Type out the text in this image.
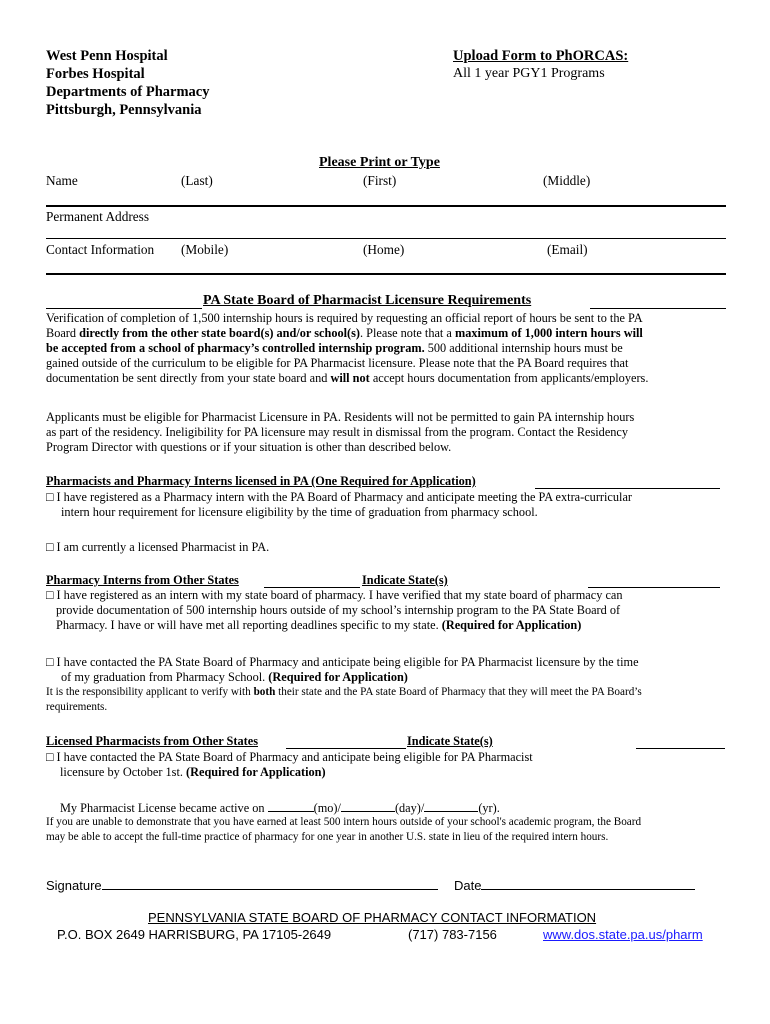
West Penn Hospital
Forbes Hospital
Departments of Pharmacy
Pittsburgh, Pennsylvania
Upload Form to PhORCAS:
All 1 year PGY1 Programs
Please Print or Type
Name	(Last)	(First)	(Middle)
Permanent Address
Contact Information (Mobile)	(Home)	(Email)
PA State Board of Pharmacist Licensure Requirements
Verification of completion of 1,500 internship hours is required by requesting an official report of hours be sent to the PA
Board directly from the other state board(s) and/or school(s). Please note that a maximum of 1,000 intern hours will
be accepted from a school of pharmacy’s controlled internship program. 500 additional internship hours must be
gained outside of the curriculum to be eligible for PA Pharmacist licensure. Please note that the PA Board requires that
documentation be sent directly from your state board and will not accept hours documentation from applicants/employers.
Applicants must be eligible for Pharmacist Licensure in PA. Residents will not be permitted to gain PA internship hours
as part of the residency. Ineligibility for PA licensure may result in dismissal from the program. Contact the Residency
Program Director with questions or if your situation is other than described below.
Pharmacists and Pharmacy Interns licensed in PA (One Required for Application)
□ I have registered as a Pharmacy intern with the PA Board of Pharmacy and anticipate meeting the PA extra-curricular
intern hour requirement for licensure eligibility by the time of graduation from pharmacy school.
□ I am currently a licensed Pharmacist in PA.
Pharmacy Interns from Other States	Indicate State(s)
□ I have registered as an intern with my state board of pharmacy. I have verified that my state board of pharmacy can
provide documentation of 500 internship hours outside of my school’s internship program to the PA State Board of
Pharmacy. I have or will have met all reporting deadlines specific to my state. (Required for Application)
□ I have contacted the PA State Board of Pharmacy and anticipate being eligible for PA Pharmacist licensure by the time
of my graduation from Pharmacy School. (Required for Application)
It is the responsibility applicant to verify with both their state and the PA state Board of Pharmacy that they will meet the PA Board’s
requirements.
Licensed Pharmacists from Other States	Indicate State(s)
□ I have contacted the PA State Board of Pharmacy and anticipate being eligible for PA Pharmacist
licensure by October 1st. (Required for Application)
My Pharmacist License became active on	(mo)/	(day)/	(yr).
If you are unable to demonstrate that you have earned at least 500 intern hours outside of your school's academic program, the Board
may be able to accept the full-time practice of pharmacy for one year in another U.S. state in lieu of the required intern hours.
Signature	Date
PENNSYLVANIA STATE BOARD OF PHARMACY CONTACT INFORMATION
P.O. BOX 2649 HARRISBURG, PA 17105-2649	(717) 783-7156	www.dos.state.pa.us/pharm
